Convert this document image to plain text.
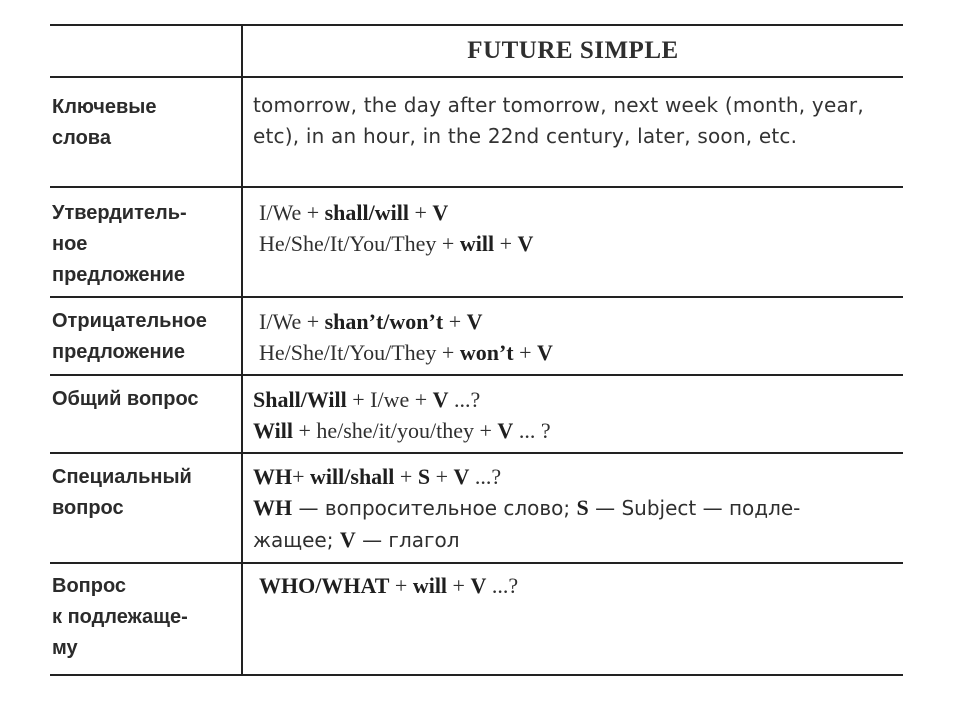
FUTURE SIMPLE
Ключевые
слова
tomorrow, the day after tomorrow, next week (month, year, etc), in an hour, in the 22nd century, later, soon, etc.
Утвердитель-
ное
предложение
I/We + shall/will + V
He/She/It/You/They + will + V
Отрицательное
предложение
I/We + shan’t/won’t + V
He/She/It/You/They + won’t + V
Общий вопрос	Shall/Will + I/we + V ...?
Will + he/she/it/you/they + V ... ?
Специальный
вопрос
WH+ will/shall + S + V ...?
WH — вопросительное слово; S — Subject — подле-
жащее; V — глагол
Вопрос
к подлежаще-
му
WHO/WHAT + will + V ...?
